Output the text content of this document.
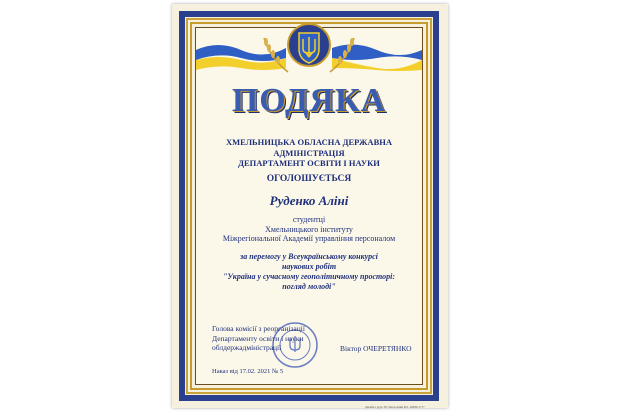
ПОДЯКА
ХМЕЛЬНИЦЬКА ОБЛАСНА ДЕРЖАВНА
АДМІНІСТРАЦІЯ
ДЕПАРТАМЕНТ ОСВІТИ І НАУКИ
ОГОЛОШУЄТЬСЯ
Руденко Аліні
студентці
Хмельницького інституту
Міжрегіональної Академії управління персоналом
за перемогу у Всеукраїнському конкурсі
наукових робіт
"Україна у сучасному геополітичному просторі:
погляд молоді"
Голова комісії з реорганізації
Департаменту освіти і науки
облдержадміністрації	Віктор ОЧЕРЕТЯНКО
Наказ від 17.02. 2021 № 5
Дизайн і друк ТП Заколодний М.І. 4068211777
